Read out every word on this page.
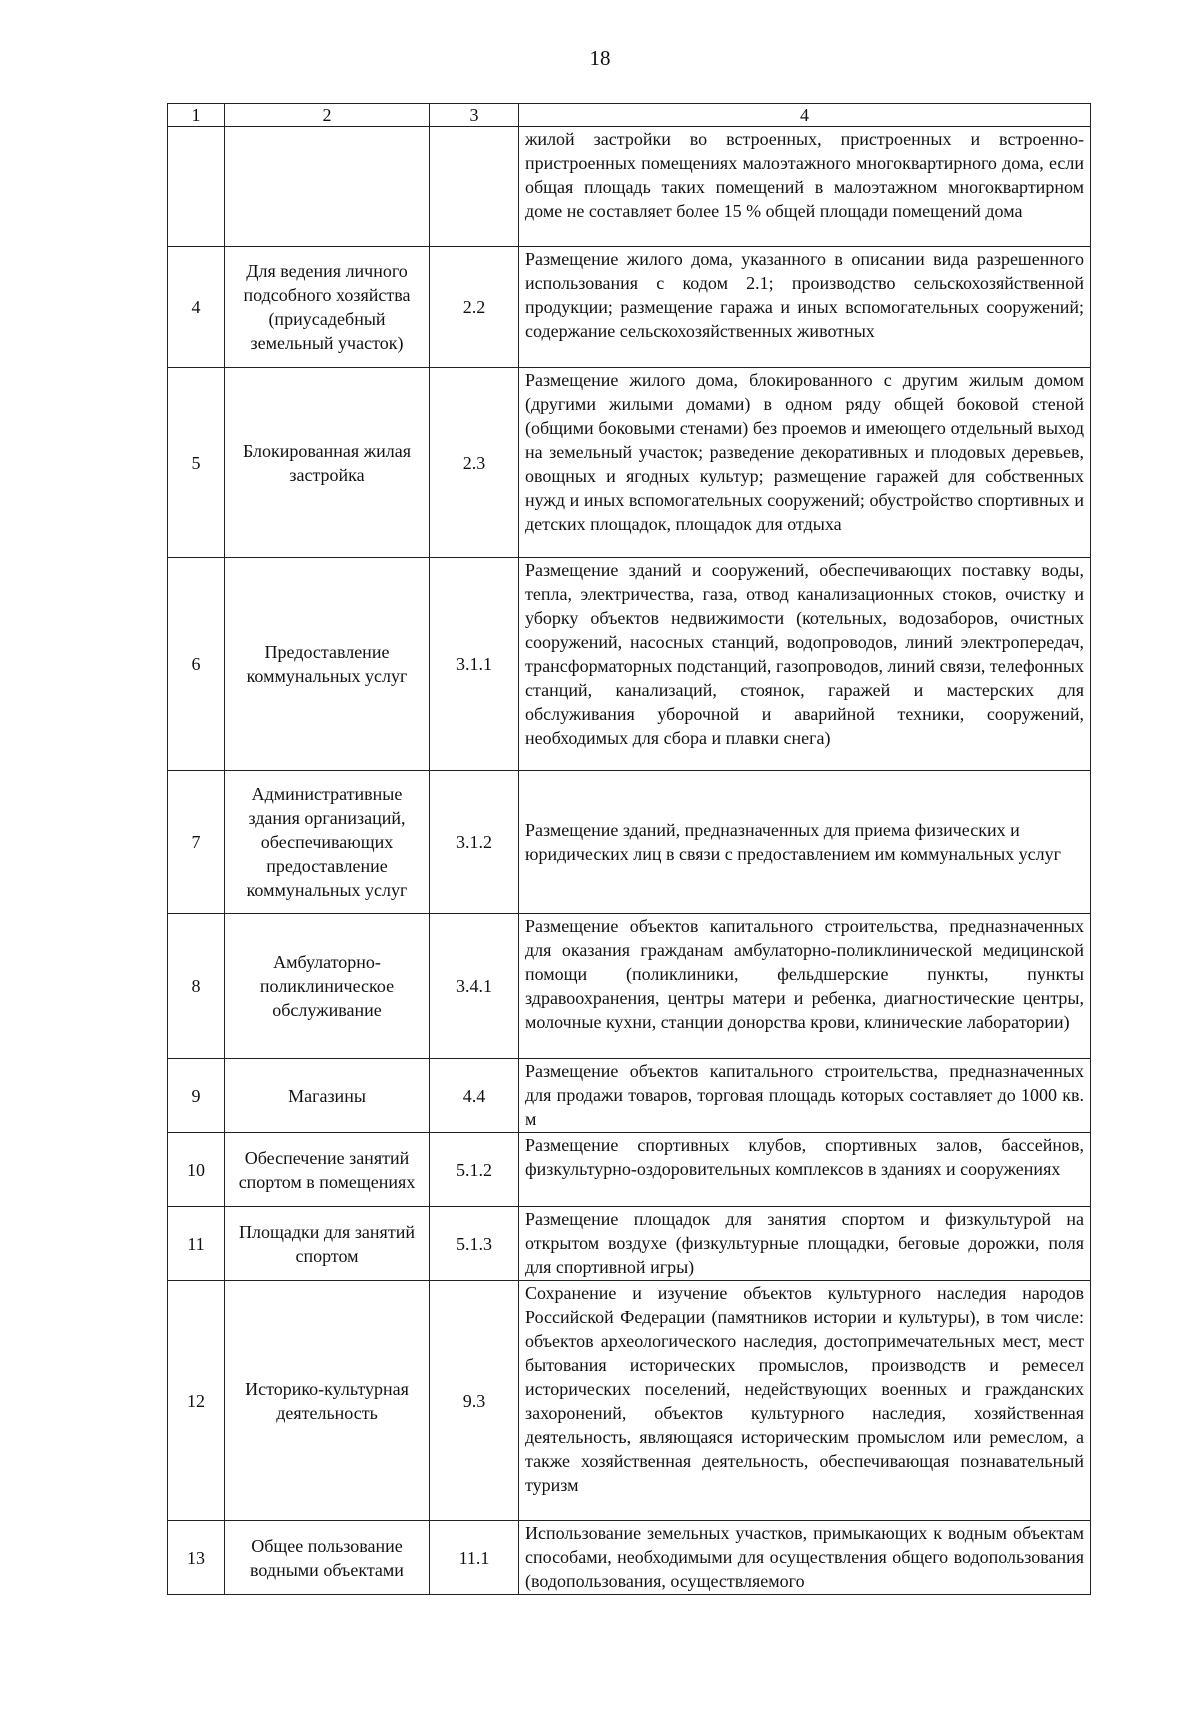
18
1	2	3	4
			жилой застройки во встроенных, пристроенных и встроенно-пристроенных помещениях малоэтажного многоквартирного дома, если общая площадь таких помещений в малоэтажном многоквартирном доме не составляет более 15 % общей площади помещений дома
4	Для ведения личного подсобного хозяйства (приусадебный земельный участок)	2.2	Размещение жилого дома, указанного в описании вида разрешенного использования с кодом 2.1; производство сельскохозяйственной продукции; размещение гаража и иных вспомогательных сооружений; содержание сельскохозяйственных животных
5	Блокированная жилая застройка	2.3	Размещение жилого дома, блокированного с другим жилым домом (другими жилыми домами) в одном ряду общей боковой стеной (общими боковыми стенами) без проемов и имеющего отдельный выход на земельный участок; разведение декоративных и плодовых деревьев, овощных и ягодных культур; размещение гаражей для собственных нужд и иных вспомогательных сооружений; обустройство спортивных и детских площадок, площадок для отдыха
6	Предоставление коммунальных услуг	3.1.1	Размещение зданий и сооружений, обеспечивающих поставку воды, тепла, электричества, газа, отвод канализационных стоков, очистку и уборку объектов недвижимости (котельных, водозаборов, очистных сооружений, насосных станций, водопроводов, линий электропередач, трансформаторных подстанций, газопроводов, линий связи, телефонных станций, канализаций, стоянок, гаражей и мастерских для обслуживания уборочной и аварийной техники, сооружений, необходимых для сбора и плавки снега)
7	Административные здания организаций, обеспечивающих предоставление коммунальных услуг	3.1.2	Размещение зданий, предназначенных для приема физических и юридических лиц в связи с предоставлением им коммунальных услуг
8	Амбулаторно-поликлиническое обслуживание	3.4.1	Размещение объектов капитального строительства, предназначенных для оказания гражданам амбулаторно-поликлинической медицинской помощи (поликлиники, фельдшерские пункты, пункты здравоохранения, центры матери и ребенка, диагностические центры, молочные кухни, станции донорства крови, клинические лаборатории)
9	Магазины	4.4	Размещение объектов капитального строительства, предназначенных для продажи товаров, торговая площадь которых составляет до 1000 кв. м
10	Обеспечение занятий спортом в помещениях	5.1.2	Размещение спортивных клубов, спортивных залов, бассейнов, физкультурно-оздоровительных комплексов в зданиях и сооружениях
11	Площадки для занятий спортом	5.1.3	Размещение площадок для занятия спортом и физкультурой на открытом воздухе (физкультурные площадки, беговые дорожки, поля для спортивной игры)
12	Историко-культурная деятельность	9.3	Сохранение и изучение объектов культурного наследия народов Российской Федерации (памятников истории и культуры), в том числе: объектов археологического наследия, достопримечательных мест, мест бытования исторических промыслов, производств и ремесел исторических поселений, недействующих военных и гражданских захоронений, объектов культурного наследия, хозяйственная деятельность, являющаяся историческим промыслом или ремеслом, а также хозяйственная деятельность, обеспечивающая познавательный туризм
13	Общее пользование водными объектами	11.1	Использование земельных участков, примыкающих к водным объектам способами, необходимыми для осуществления общего водопользования (водопользования, осуществляемого
